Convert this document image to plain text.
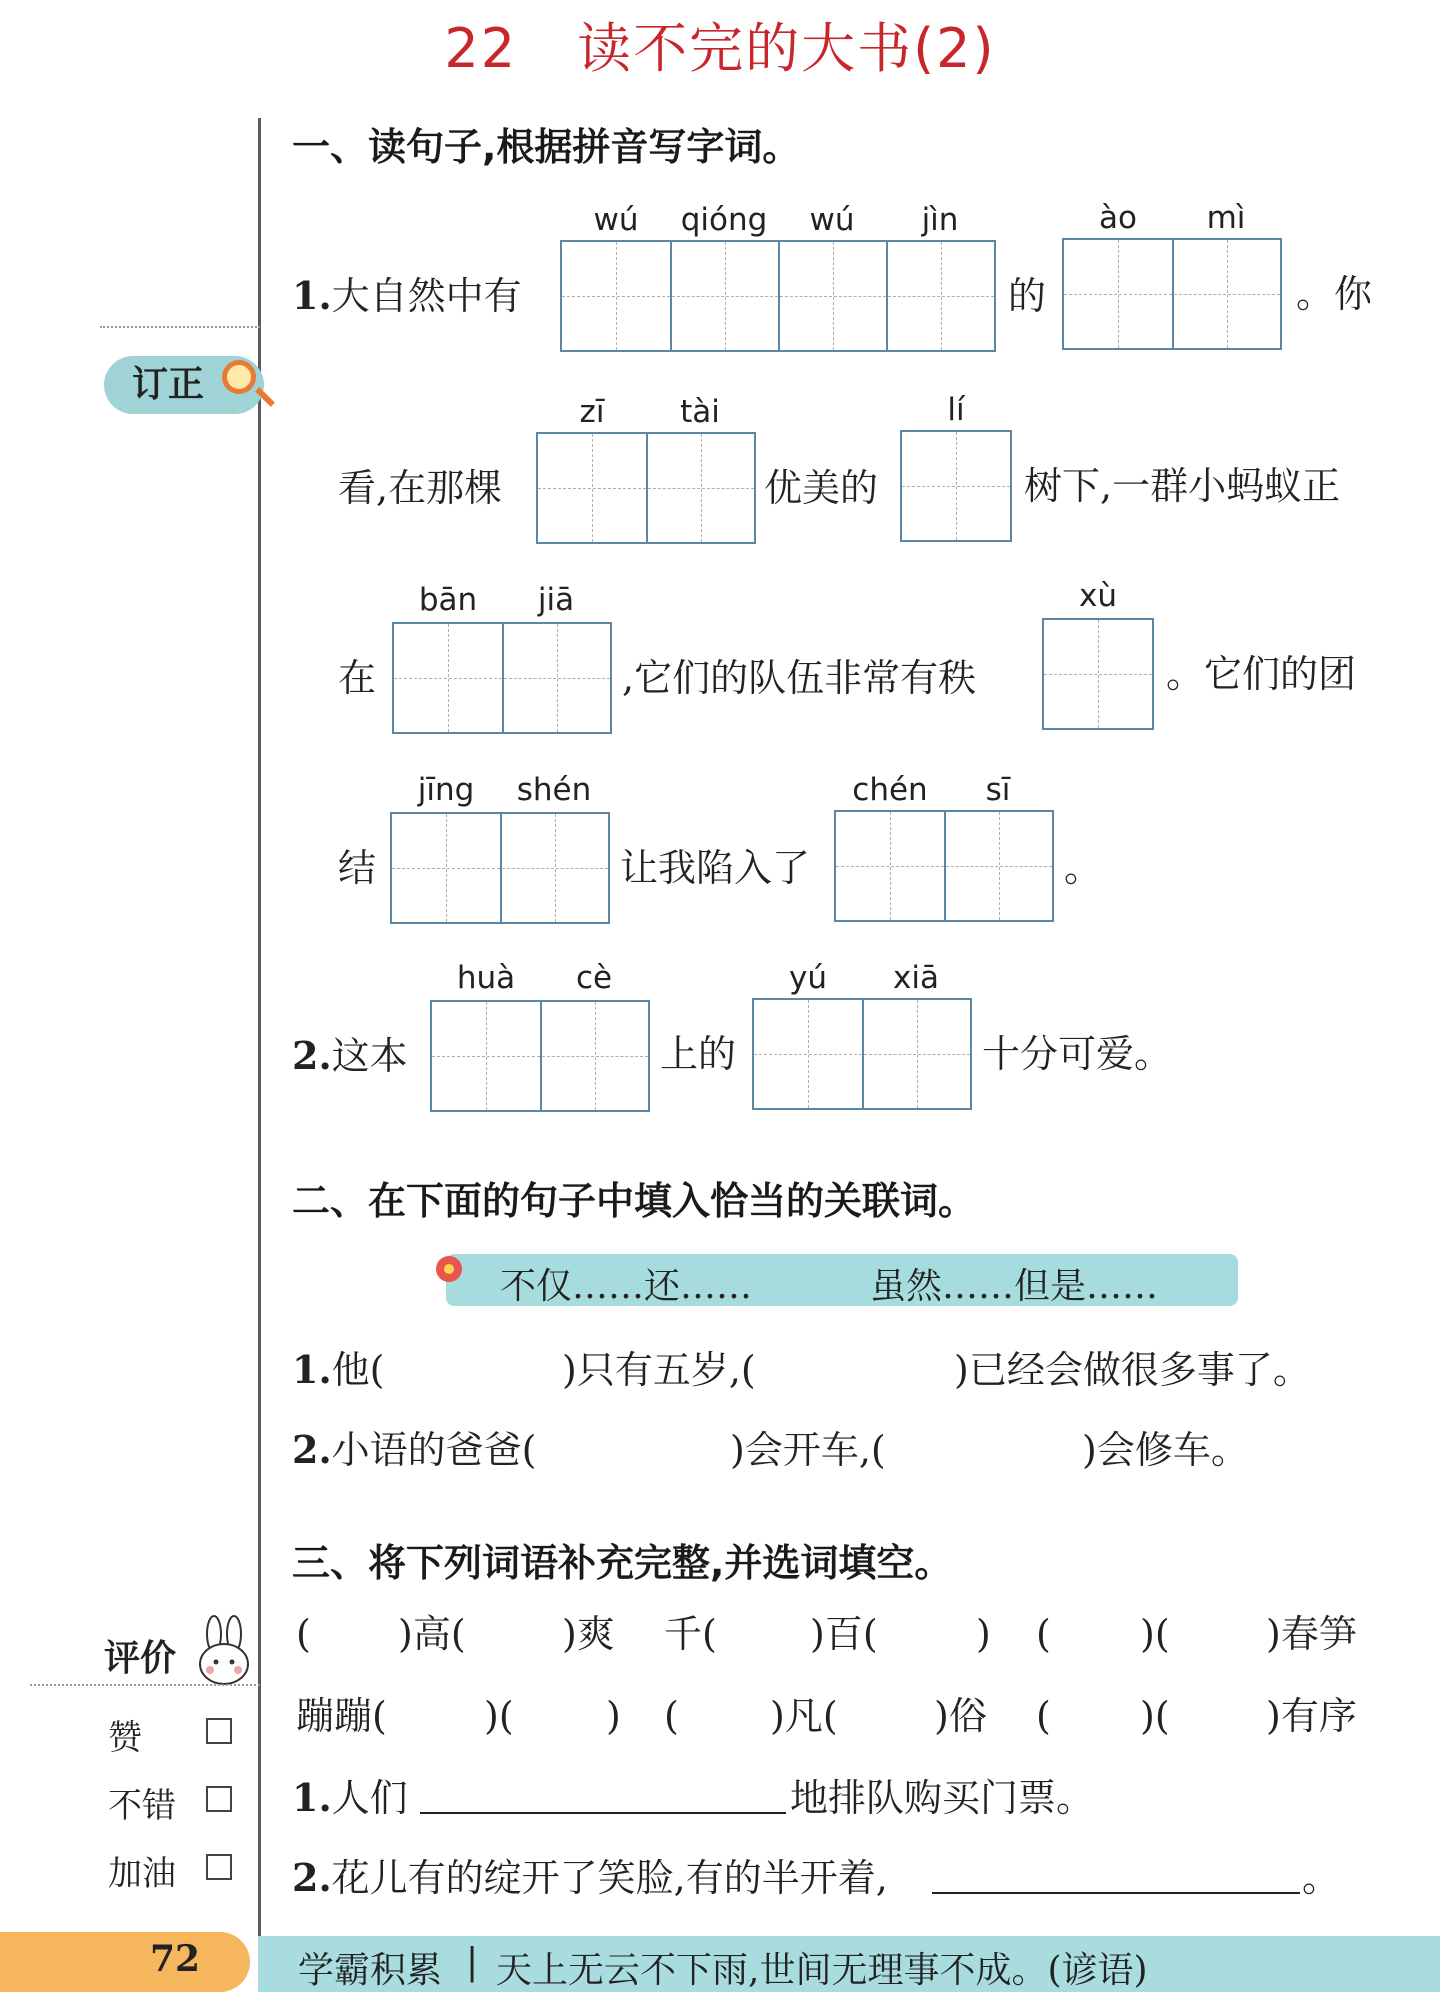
22 读不完的大书(2)
订正
一、读句子,根据拼音写字词。
1.大自然中有
wú	qióng	wú	jìn
的
ào	mì
。你
看,在那棵
zī	tài
优美的
lí
树下,一群小蚂蚁正
在
bān	jiā
,它们的队伍非常有秩
xù
。它们的团
结
jīng	shén
让我陷入了
chén	sī
。
2.这本
huà	cè
上的
yú	xiā
十分可爱。
二、在下面的句子中填入恰当的关联词。
不仅……还……	虽然……但是……
1.他(	)只有五岁,(	)已经会做很多事了。
2.小语的爸爸(	)会开车,(	)会修车。
三、将下列词语补充完整,并选词填空。
( )高(	)爽 千( )百(	) ( )(	)春笋
蹦蹦(	)( ) ( )凡(	)俗 ( )(	)有序
1.人们	地排队购买门票。
2.花儿有的绽开了笑脸,有的半开着,	。
评价
赞
不错
加油
72	学霸积累 | 天上无云不下雨,世间无理事不成。(谚语)
